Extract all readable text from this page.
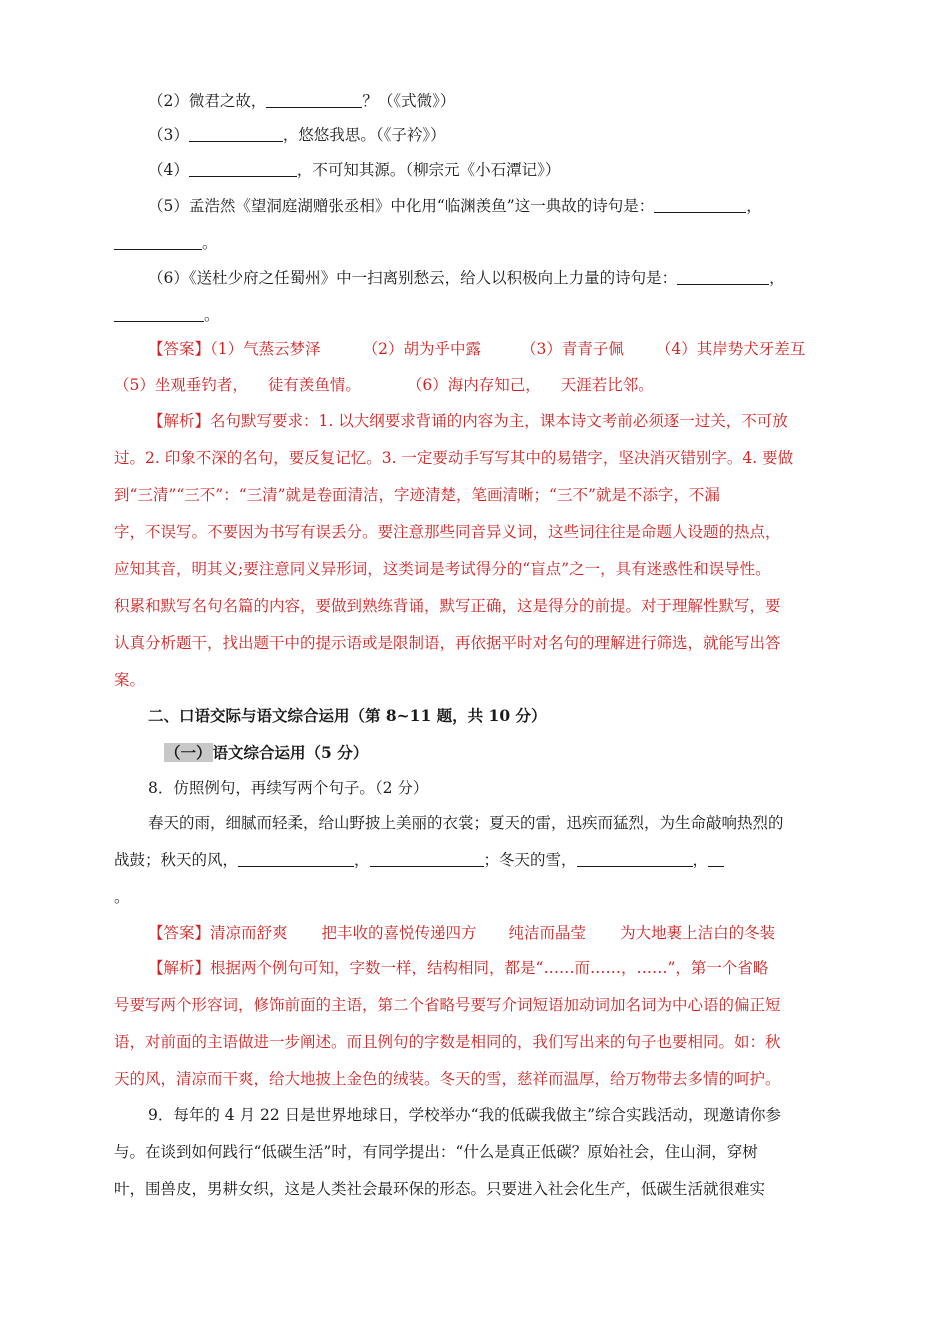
（2）微君之故，	？（《式微》）
（3）	，悠悠我思。（《子衿》）
（4）	，不可知其源。（柳宗元《小石潭记》）
（5）孟浩然《望洞庭湖赠张丞相》中化用“临渊羡鱼”这一典故的诗句是：	，
。
（6）《送杜少府之任蜀州》中一扫离别愁云，给人以积极向上力量的诗句是：	，
。
【答案】（1）气蒸云梦泽	（2）胡为乎中露	（3）青青子佩 （4）其岸势犬牙差互
（5）坐观垂钓者， 徒有羡鱼情。	（6）海内存知己， 天涯若比邻。
【解析】名句默写要求：1. 以大纲要求背诵的内容为主，课本诗文考前必须逐一过关，不可放
过。2. 印象不深的名句，要反复记忆。3. 一定要动手写写其中的易错字，坚决消灭错别字。4. 要做
到“三清”“三不”：“三清”就是卷面清洁，字迹清楚，笔画清晰；“三不”就是不添字，不漏
字，不误写。不要因为书写有误丢分。要注意那些同音异义词，这些词往往是命题人设题的热点，
应知其音，明其义;要注意同义异形词，这类词是考试得分的“盲点”之一，具有迷惑性和误导性。
积累和默写名句名篇的内容，要做到熟练背诵，默写正确，这是得分的前提。对于理解性默写，要
认真分析题干，找出题干中的提示语或是限制语，再依据平时对名句的理解进行筛选，就能写出答
案。
二、口语交际与语文综合运用（第 8~11 题，共 10 分）
（一）语文综合运用（5 分）
8．仿照例句，再续写两个句子。（2 分）
春天的雨，细腻而轻柔，给山野披上美丽的衣裳；夏天的雷，迅疾而猛烈，为生命敲响热烈的
战鼓；秋天的风，	，	；冬天的雪，	，
。
【答案】清凉而舒爽 把丰收的喜悦传递四方 纯洁而晶莹 为大地裹上洁白的冬装
【解析】根据两个例句可知，字数一样，结构相同，都是“……而……，……”，第一个省略
号要写两个形容词，修饰前面的主语，第二个省略号要写介词短语加动词加名词为中心语的偏正短
语，对前面的主语做进一步阐述。而且例句的字数是相同的，我们写出来的句子也要相同。如：秋
天的风，清凉而干爽，给大地披上金色的绒装。冬天的雪，慈祥而温厚，给万物带去多情的呵护。
9．每年的 4 月 22 日是世界地球日，学校举办“我的低碳我做主”综合实践活动，现邀请你参
与。在谈到如何践行“低碳生活”时，有同学提出：“什么是真正低碳？原始社会，住山洞，穿树
叶，围兽皮，男耕女织，这是人类社会最环保的形态。只要进入社会化生产，低碳生活就很难实
